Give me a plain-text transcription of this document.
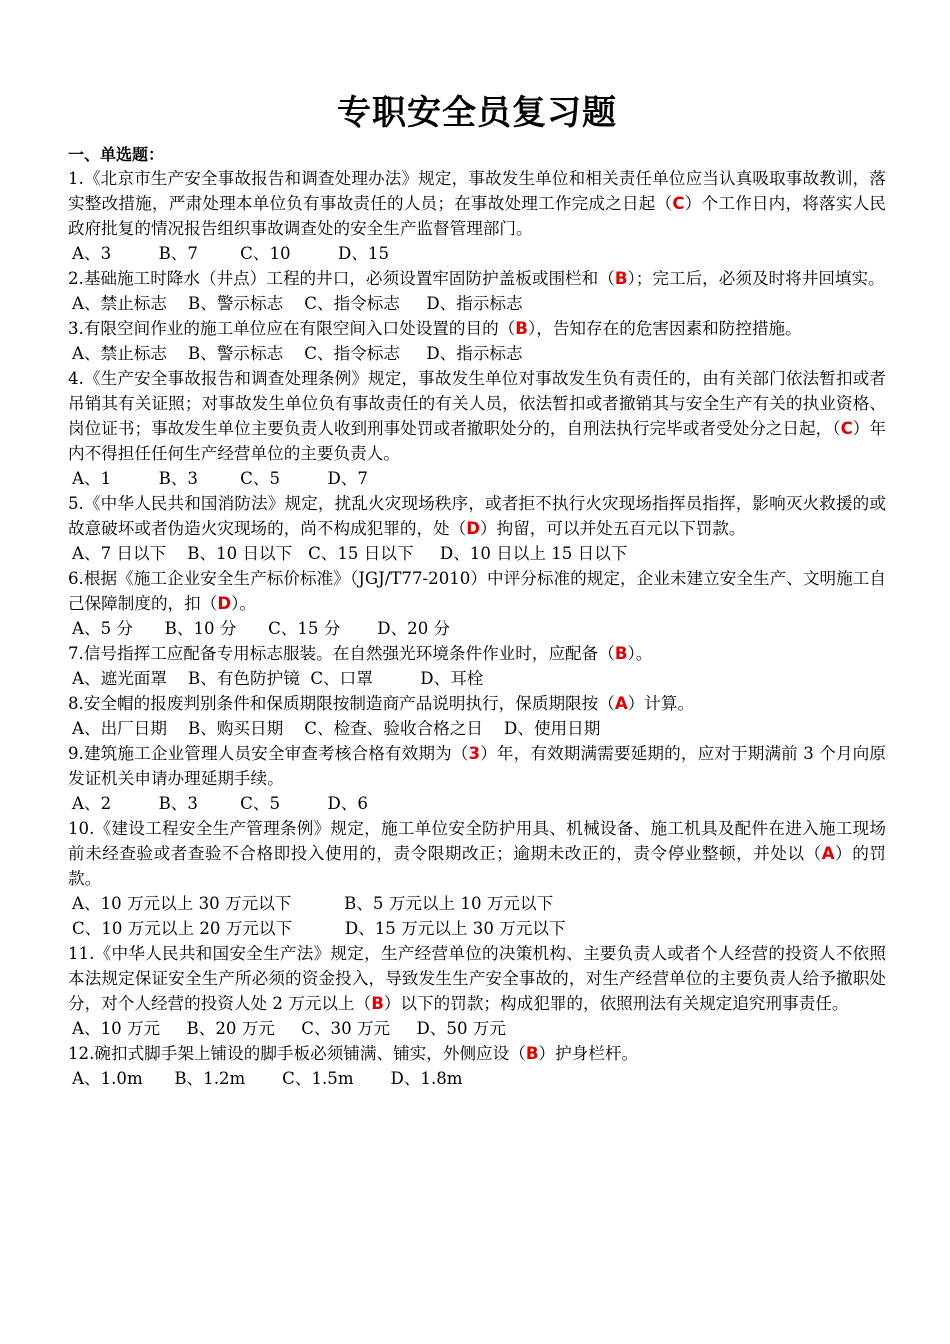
专职安全员复习题
一、单选题：
1.《北京市生产安全事故报告和调查处理办法》规定，事故发生单位和相关责任单位应当认真吸取事故教训，落实整改措施，严肃处理本单位负有事故责任的人员；在事故处理工作完成之日起（C）个工作日内，将落实人民政府批复的情况报告组织事故调查处的安全生产监督管理部门。
A、3         B、7        C、10         D、15
2.基础施工时降水（井点）工程的井口，必须设置牢固防护盖板或围栏和（B）；完工后，必须及时将井回填实。
A、禁止标志    B、警示标志    C、指令标志     D、指示标志
3.有限空间作业的施工单位应在有限空间入口处设置的目的（B），告知存在的危害因素和防控措施。
A、禁止标志    B、警示标志    C、指令标志     D、指示标志
4.《生产安全事故报告和调查处理条例》规定，事故发生单位对事故发生负有责任的，由有关部门依法暂扣或者吊销其有关证照；对事故发生单位负有事故责任的有关人员，依法暂扣或者撤销其与安全生产有关的执业资格、岗位证书；事故发生单位主要负责人收到刑事处罚或者撤职处分的，自刑法执行完毕或者受处分之日起，（C）年内不得担任任何生产经营单位的主要负责人。
A、1         B、3        C、5         D、7
5.《中华人民共和国消防法》规定，扰乱火灾现场秩序，或者拒不执行火灾现场指挥员指挥，影响灭火救援的或故意破坏或者伪造火灾现场的，尚不构成犯罪的，处（D）拘留，可以并处五百元以下罚款。
A、7 日以下    B、10 日以下   C、15 日以下     D、10 日以上 15 日以下
6.根据《施工企业安全生产标价标准》（JGJ/T77-2010）中评分标准的规定，企业未建立安全生产、文明施工自己保障制度的，扣（D）。
A、5 分      B、10 分      C、15 分       D、20 分
7.信号指挥工应配备专用标志服装。在自然强光环境条件作业时，应配备（B）。
A、遮光面罩    B、有色防护镜  C、口罩         D、耳栓
8.安全帽的报废判别条件和保质期限按制造商产品说明执行，保质期限按（A）计算。
A、出厂日期    B、购买日期    C、检查、验收合格之日    D、使用日期
9.建筑施工企业管理人员安全审查考核合格有效期为（3）年，有效期满需要延期的，应对于期满前 3 个月向原发证机关申请办理延期手续。
A、2         B、3        C、5         D、6
10.《建设工程安全生产管理条例》规定，施工单位安全防护用具、机械设备、施工机具及配件在进入施工现场前未经查验或者查验不合格即投入使用的，责令限期改正；逾期未改正的，责令停业整顿，并处以（A）的罚款。
A、10 万元以上 30 万元以下          B、5 万元以上 10 万元以下
C、10 万元以上 20 万元以下          D、15 万元以上 30 万元以下
11.《中华人民共和国安全生产法》规定，生产经营单位的决策机构、主要负责人或者个人经营的投资人不依照本法规定保证安全生产所必须的资金投入，导致发生生产安全事故的，对生产经营单位的主要负责人给予撤职处分，对个人经营的投资人处 2 万元以上（B）以下的罚款；构成犯罪的，依照刑法有关规定追究刑事责任。
A、10 万元     B、20 万元     C、30 万元     D、50 万元
12.碗扣式脚手架上铺设的脚手板必须铺满、铺实，外侧应设（B）护身栏杆。
A、1.0m      B、1.2m       C、1.5m       D、1.8m
